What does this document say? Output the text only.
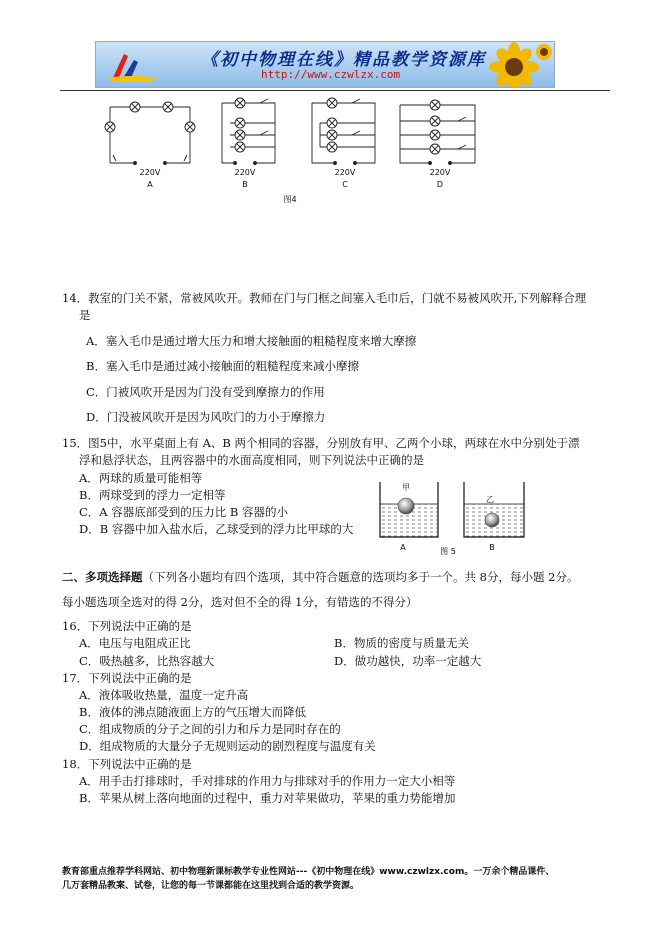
《初中物理在线》精品教学资源库
http://www.czwlzx.com
220V	220V	220V	220V
A	B	C	D
图4
14．教室的门关不紧，常被风吹开。教师在门与门框之间塞入毛巾后，门就不易被风吹开,下列解释合理
是
A．塞入毛巾是通过增大压力和增大接触面的粗糙程度来增大摩擦
B．塞入毛巾是通过减小接触面的粗糙程度来减小摩擦
C．门被风吹开是因为门没有受到摩擦力的作用
D．门没被风吹开是因为风吹门的力小于摩擦力
15．图5中，水平桌面上有 A、B 两个相同的容器，分别放有甲、乙两个小球，两球在水中分别处于漂
浮和悬浮状态，且两容器中的水面高度相同，则下列说法中正确的是
A．两球的质量可能相等
B．两球受到的浮力一定相等
C．A 容器底部受到的压力比 B 容器的小
D．B 容器中加入盐水后，乙球受到的浮力比甲球的大
甲
乙
A	B
图 5
二、多项选择题（下列各小题均有四个选项，其中符合题意的选项均多于一个。共 8分，每小题 2分。
每小题选项全选对的得 2分，选对但不全的得 1分，有错选的不得分）
16．下列说法中正确的是
A．电压与电阻成正比	B．物质的密度与质量无关
C．吸热越多，比热容越大	D．做功越快，功率一定越大
17．下列说法中正确的是
A．液体吸收热量，温度一定升高
B．液体的沸点随液面上方的气压增大而降低
C．组成物质的分子之间的引力和斥力是同时存在的
D．组成物质的大量分子无规则运动的剧烈程度与温度有关
18．下列说法中正确的是
A．用手击打排球时，手对排球的作用力与排球对手的作用力一定大小相等
B．苹果从树上落向地面的过程中，重力对苹果做功，苹果的重力势能增加
教育部重点推荐学科网站、初中物理新课标教学专业性网站---《初中物理在线》www.czwlzx.com。一万余个精品课件、
几万套精品教案、试卷，让您的每一节课都能在这里找到合适的教学资源。
